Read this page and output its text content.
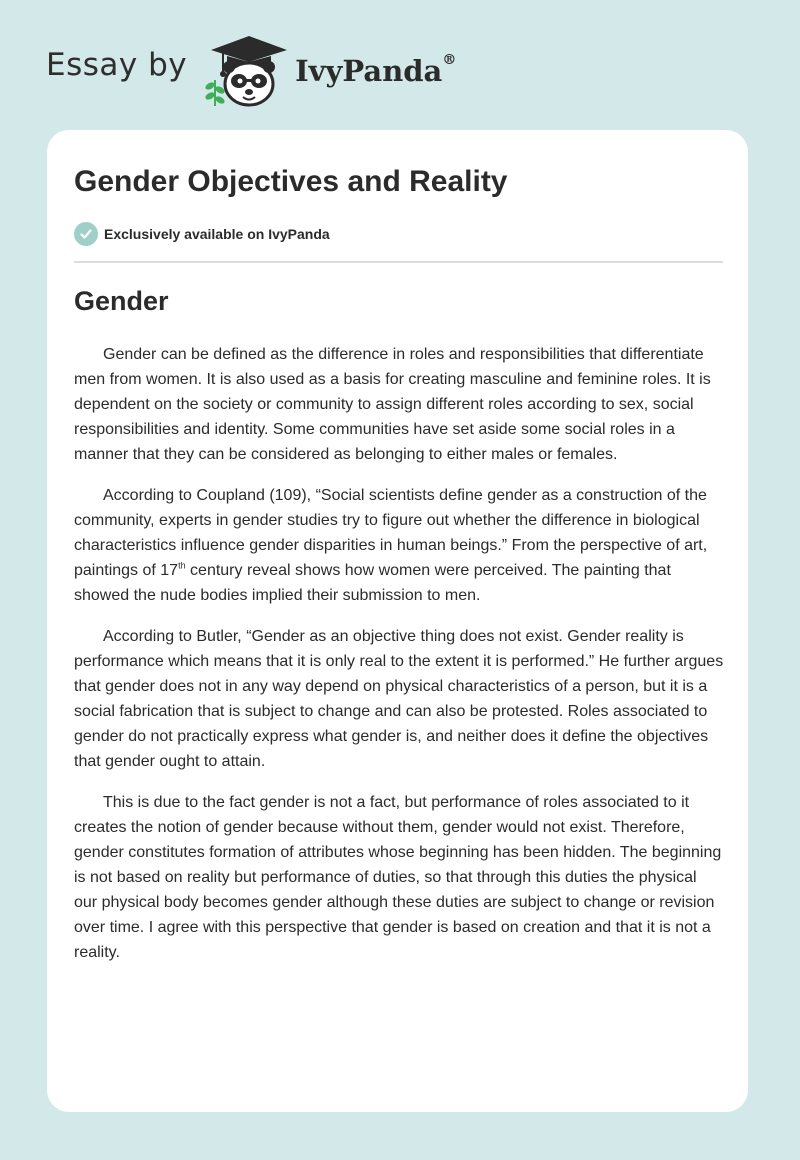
Essay by	IvyPanda®
Gender Objectives and Reality
Exclusively available on IvyPanda
Gender

Gender can be defined as the difference in roles and responsibilities that differentiate men from women. It is also used as a basis for creating masculine and feminine roles. It is dependent on the society or community to assign different roles according to sex, social responsibilities and identity. Some communities have set aside some social roles in a manner that they can be considered as belonging to either males or females.

According to Coupland (109), “Social scientists define gender as a construction of the community, experts in gender studies try to figure out whether the difference in biological characteristics influence gender disparities in human beings.” From the perspective of art, paintings of 17th century reveal shows how women were perceived. The painting that showed the nude bodies implied their submission to men.

According to Butler, “Gender as an objective thing does not exist. Gender reality is performance which means that it is only real to the extent it is performed.” He further argues that gender does not in any way depend on physical characteristics of a person, but it is a social fabrication that is subject to change and can also be protested. Roles associated to gender do not practically express what gender is, and neither does it define the objectives that gender ought to attain.

This is due to the fact gender is not a fact, but performance of roles associated to it creates the notion of gender because without them, gender would not exist. Therefore, gender constitutes formation of attributes whose beginning has been hidden. The beginning is not based on reality but performance of duties, so that through this duties the physical our physical body becomes gender although these duties are subject to change or revision over time. I agree with this perspective that gender is based on creation and that it is not a reality.
